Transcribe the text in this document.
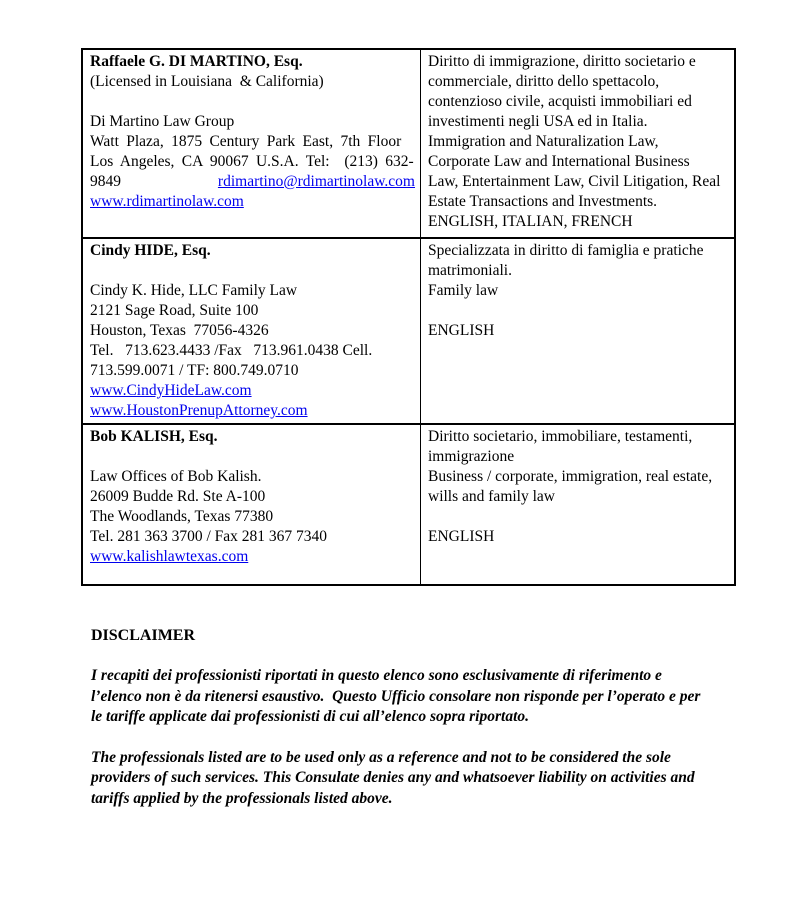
Raffaele G. DI MARTINO, Esq.
(Licensed in Louisiana  & California)

Di Martino Law Group
Watt Plaza, 1875 Century Park East, 7th Floor
Los Angeles, CA 90067 U.S.A. Tel:  (213) 632-
9849	rdimartino@rdimartinolaw.com
www.rdimartinolaw.com
Diritto di immigrazione, diritto societario e
commerciale, diritto dello spettacolo,
contenzioso civile, acquisti immobiliari ed
investimenti negli USA ed in Italia.
Immigration and Naturalization Law,
Corporate Law and International Business
Law, Entertainment Law, Civil Litigation, Real
Estate Transactions and Investments.
ENGLISH, ITALIAN, FRENCH
Cindy HIDE, Esq.

Cindy K. Hide, LLC Family Law
2121 Sage Road, Suite 100
Houston, Texas  77056-4326
Tel.   713.623.4433 /Fax   713.961.0438 Cell.
713.599.0071 / TF: 800.749.0710
www.CindyHideLaw.com
www.HoustonPrenupAttorney.com
Specializzata in diritto di famiglia e pratiche
matrimoniali.
Family law

ENGLISH
Bob KALISH, Esq.

Law Offices of Bob Kalish.
26009 Budde Rd. Ste A-100
The Woodlands, Texas 77380
Tel. 281 363 3700 / Fax 281 367 7340
www.kalishlawtexas.com
Diritto societario, immobiliare, testamenti,
immigrazione
Business / corporate, immigration, real estate,
wills and family law

ENGLISH
DISCLAIMER
I recapiti dei professionisti riportati in questo elenco sono esclusivamente di riferimento e
l’elenco non è da ritenersi esaustivo.  Questo Ufficio consolare non risponde per l’operato e per
le tariffe applicate dai professionisti di cui all’elenco sopra riportato.
The professionals listed are to be used only as a reference and not to be considered the sole
providers of such services. This Consulate denies any and whatsoever liability on activities and
tariffs applied by the professionals listed above.
